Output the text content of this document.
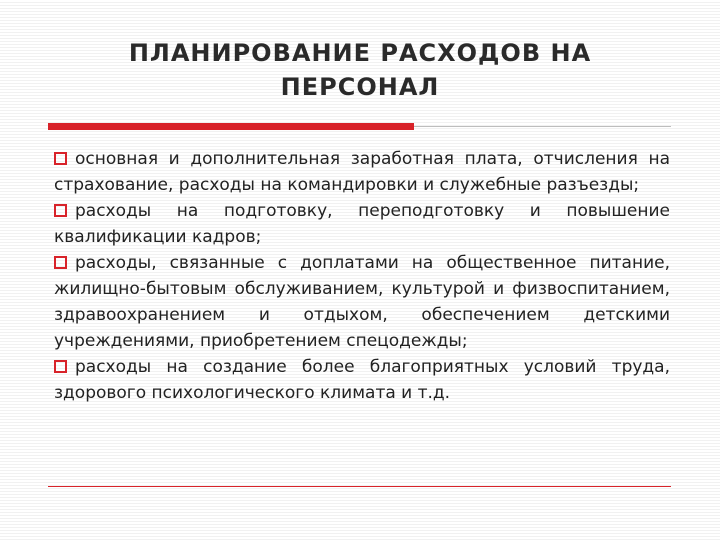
ПЛАНИРОВАНИЕ РАСХОДОВ НА
ПЕРСОНАЛ

основная и дополнительная заработная плата, отчисления на страхование, расходы на командировки и служебные разъезды;

расходы на подготовку, переподготовку и повышение квалификации кадров;

расходы, связанные с доплатами на общественное питание, жилищно-бытовым обслуживанием, культурой и физвоспитанием, здравоохранением и отдыхом, обеспечением детскими учреждениями, приобретением спецодежды;

расходы на создание более благоприятных условий труда, здорового психологического климата и т.д.
